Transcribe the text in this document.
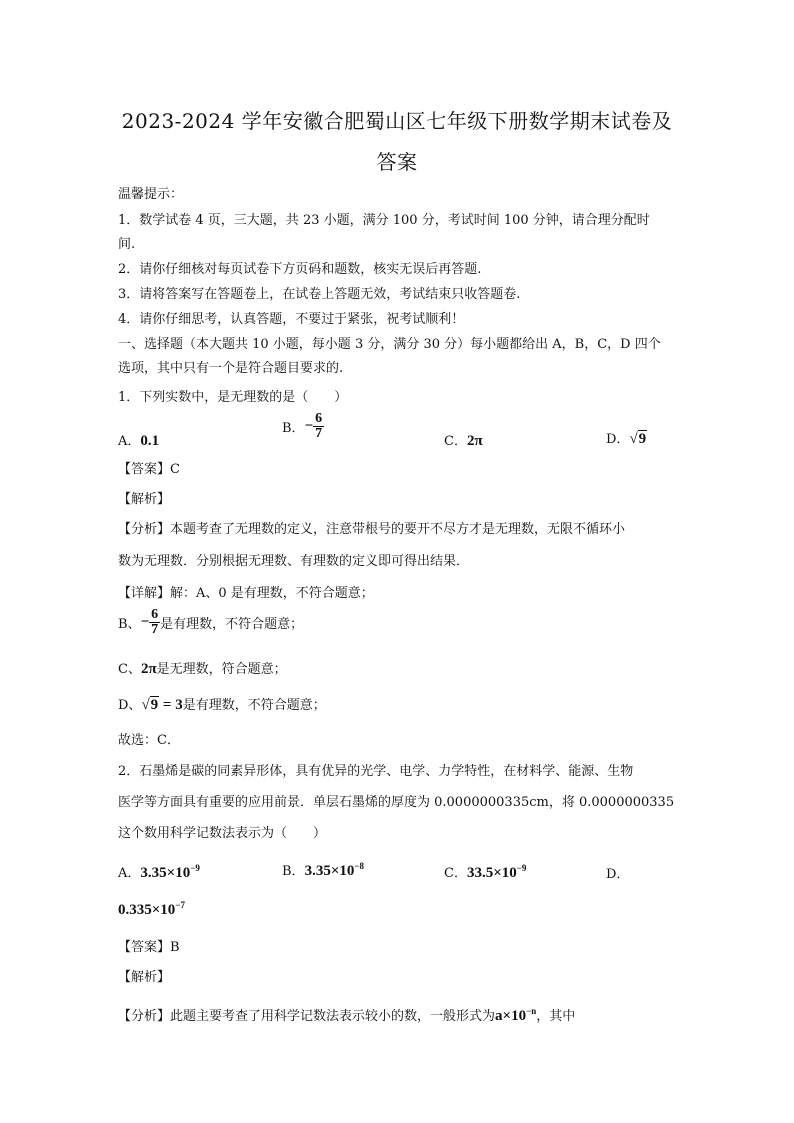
2023-2024 学年安徽合肥蜀山区七年级下册数学期末试卷及
答案
温馨提示：
1．数学试卷 4 页，三大题，共 23 小题，满分 100 分，考试时间 100 分钟，请合理分配时
间.
2．请你仔细核对每页试卷下方页码和题数，核实无误后再答题.
3．请将答案写在答题卷上，在试卷上答题无效，考试结束只收答题卷.
4．请你仔细思考，认真答题，不要过于紧张，祝考试顺利！
一、选择题（本大题共 10 小题，每小题 3 分，满分 30 分）每小题都给出 A，B，C，D 四个
选项，其中只有一个是符合题目要求的.
1．下列实数中，是无理数的是（　　）
A．0.1
B．− $\frac{6}{7}$
C．2π	D．√9
【答案】C
【解析】
【分析】本题考查了无理数的定义，注意带根号的要开不尽方才是无理数，无限不循环小
数为无理数．分别根据无理数、有理数的定义即可得出结果．
【详解】解：A、0 是有理数，不符合题意；
B、− $\frac{6}{7}$ 是有理数，不符合题意；
C、2π是无理数，符合题意；
D、√9 = 3是有理数，不符合题意；
故选：C．
2．石墨烯是碳的同素异形体，具有优异的光学、电学、力学特性，在材料学、能源、生物
医学等方面具有重要的应用前景．单层石墨烯的厚度为 0.0000000335cm，将 0.0000000335
这个数用科学记数法表示为（　　）
A．$3.35\times 10^{-9}$	B．$3.35\times 10^{-8}$	C．$33.5\times 10^{-9}$	D．
$0.335\times 10^{-7}$
【答案】B
【解析】
【分析】此题主要考查了用科学记数法表示较小的数，一般形式为$a\times 10^{-n}$，其中
